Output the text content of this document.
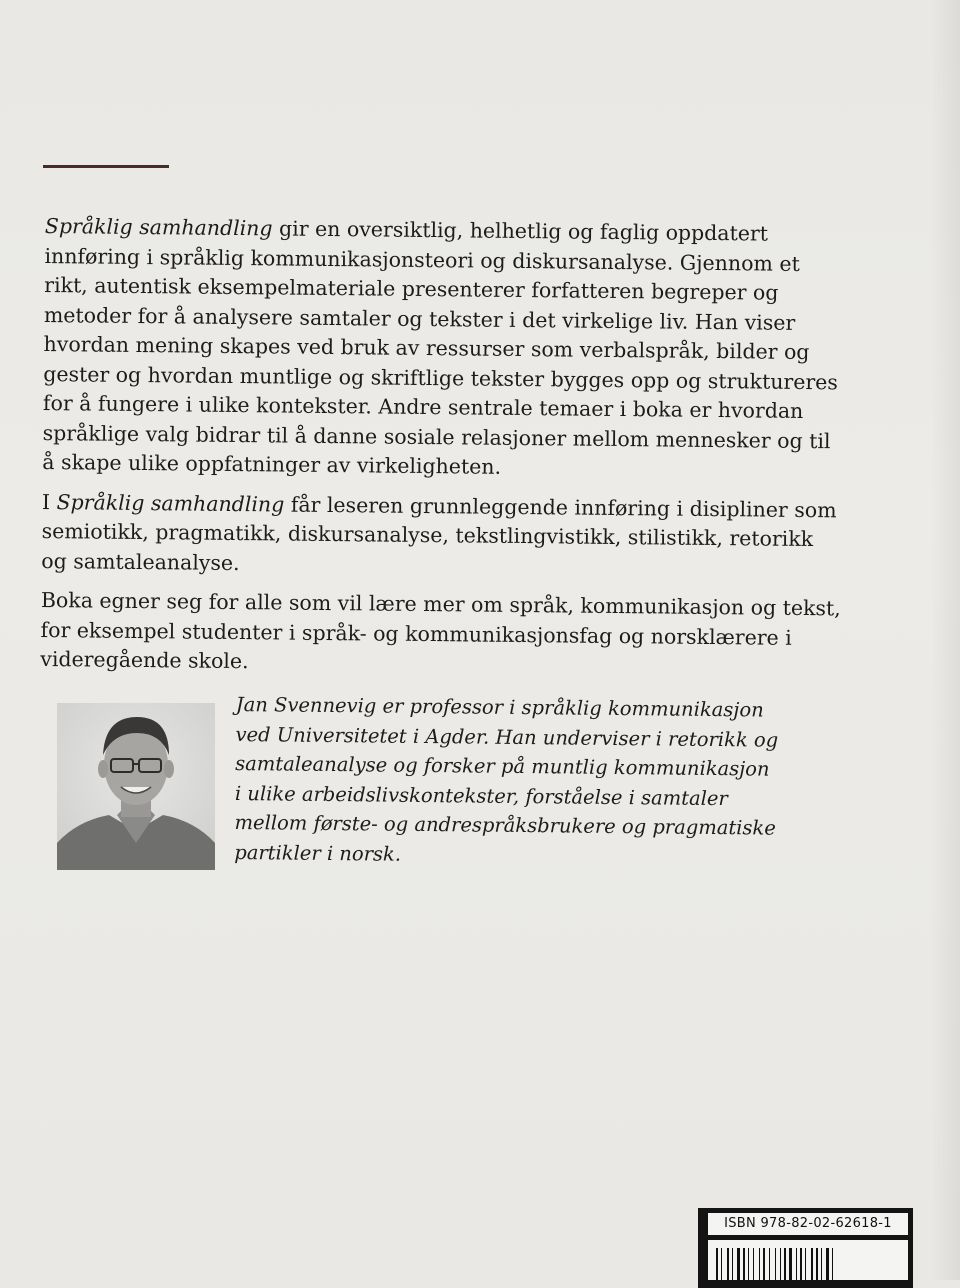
Språklig samhandling gir en oversiktlig, helhetlig og faglig oppdatert innføring i språklig kommunikasjonsteori og diskursanalyse. Gjennom et rikt, autentisk eksempelmateriale presenterer forfatteren begreper og metoder for å analysere samtaler og tekster i det virkelige liv. Han viser hvordan mening skapes ved bruk av ressurser som verbalspråk, bilder og gester og hvordan muntlige og skriftlige tekster bygges opp og struktureres for å fungere i ulike kontekster. Andre sentrale temaer i boka er hvordan språklige valg bidrar til å danne sosiale relasjoner mellom mennesker og til å skape ulike oppfatninger av virkeligheten.

I Språklig samhandling får leseren grunnleggende innføring i disipliner som semiotikk, pragmatikk, diskursanalyse, tekstlingvistikk, stilistikk, retorikk og samtaleanalyse.

Boka egner seg for alle som vil lære mer om språk, kommunikasjon og tekst, for eksempel studenter i språk- og kommunikasjonsfag og norsklærere i videregående skole.

Jan Svennevig er professor i språklig kommunikasjon ved Universitetet i Agder. Han underviser i retorikk og samtaleanalyse og forsker på muntlig kommunikasjon i ulike arbeidslivskontekster, forståelse i samtaler mellom første- og andrespråksbrukere og pragmatiske partikler i norsk.
ISBN 978-82-02-62618-1
